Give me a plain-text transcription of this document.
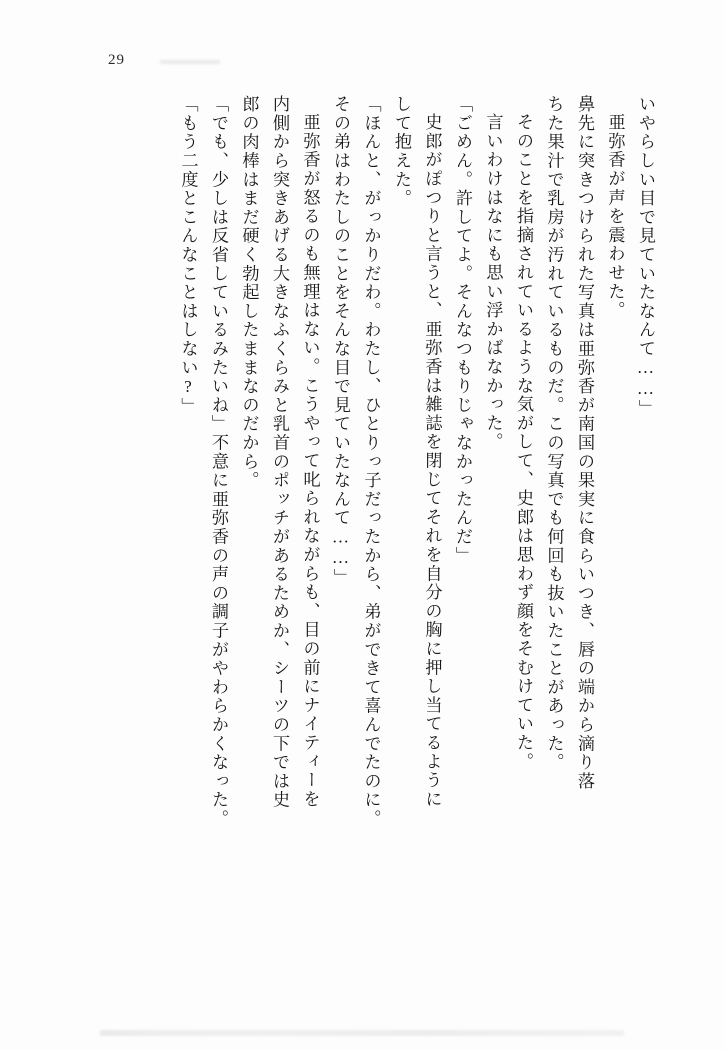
29
いやらしい目で見ていたなんて……」
亜弥香が声を震わせた。
鼻先に突きつけられた写真は亜弥香が南国の果実に食らいつき、唇の端から滴り落
ちた果汁で乳房が汚れているものだ。この写真でも何回も抜いたことがあった。
そのことを指摘されているような気がして、史郎は思わず顔をそむけていた。
言いわけはなにも思い浮かばなかった。
「ごめん。許してよ。そんなつもりじゃなかったんだ」
史郎がぽつりと言うと、亜弥香は雑誌を閉じてそれを自分の胸に押し当てるように
して抱えた。
「ほんと、がっかりだわ。わたし、ひとりっ子だったから、弟ができて喜んでたのに。
その弟はわたしのことをそんな目で見ていたなんて……」
亜弥香が怒るのも無理はない。こうやって叱られながらも、目の前にナイティーを
内側から突きあげる大きなふくらみと乳首のポッチがあるためか、シーツの下では史
郎の肉棒はまだ硬く勃起したままなのだから。
「でも、少しは反省しているみたいね」不意に亜弥香の声の調子がやわらかくなった。
「もう二度とこんなことはしない?」
